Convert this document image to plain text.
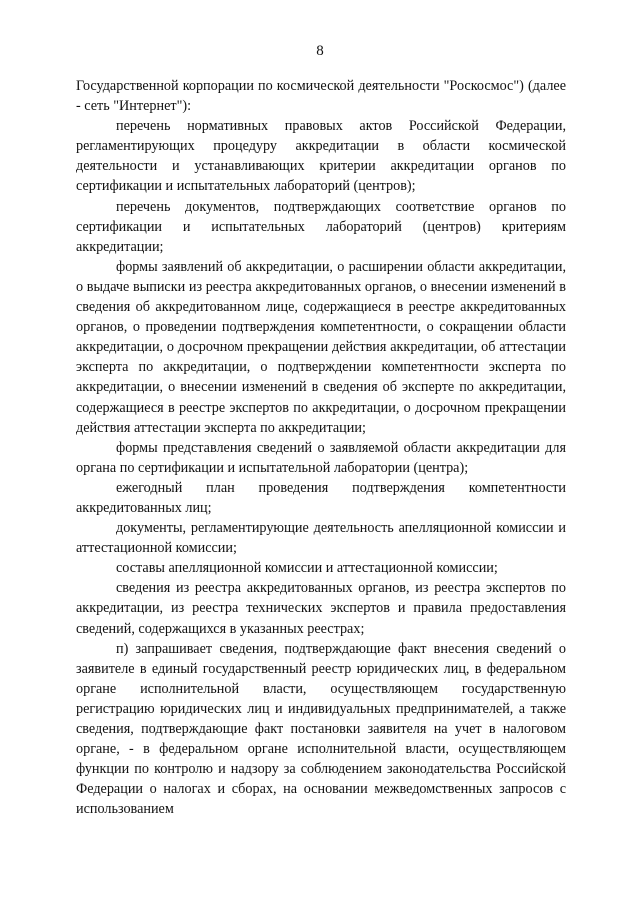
8

Государственной корпорации по космической деятельности "Роскосмос") (далее - сеть "Интернет"):

перечень нормативных правовых актов Российской Федерации, регламентирующих процедуру аккредитации в области космической деятельности и устанавливающих критерии аккредитации органов по сертификации и испытательных лабораторий (центров);

перечень документов, подтверждающих соответствие органов по сертификации и испытательных лабораторий (центров) критериям аккредитации;

формы заявлений об аккредитации, о расширении области аккредитации, о выдаче выписки из реестра аккредитованных органов, о внесении изменений в сведения об аккредитованном лице, содержащиеся в реестре аккредитованных органов, о проведении подтверждения компетентности, о сокращении области аккредитации, о досрочном прекращении действия аккредитации, об аттестации эксперта по аккредитации, о подтверждении компетентности эксперта по аккредитации, о внесении изменений в сведения об эксперте по аккредитации, содержащиеся в реестре экспертов по аккредитации, о досрочном прекращении действия аттестации эксперта по аккредитации;

формы представления сведений о заявляемой области аккредитации для органа по сертификации и испытательной лаборатории (центра);

ежегодный план проведения подтверждения компетентности аккредитованных лиц;

документы, регламентирующие деятельность апелляционной комиссии и аттестационной комиссии;

составы апелляционной комиссии и аттестационной комиссии;

сведения из реестра аккредитованных органов, из реестра экспертов по аккредитации, из реестра технических экспертов и правила предоставления сведений, содержащихся в указанных реестрах;

п) запрашивает сведения, подтверждающие факт внесения сведений о заявителе в единый государственный реестр юридических лиц, в федеральном органе исполнительной власти, осуществляющем государственную регистрацию юридических лиц и индивидуальных предпринимателей, а также сведения, подтверждающие факт постановки заявителя на учет в налоговом органе, - в федеральном органе исполнительной власти, осуществляющем функции по контролю и надзору за соблюдением законодательства Российской Федерации о налогах и сборах, на основании межведомственных запросов с использованием
